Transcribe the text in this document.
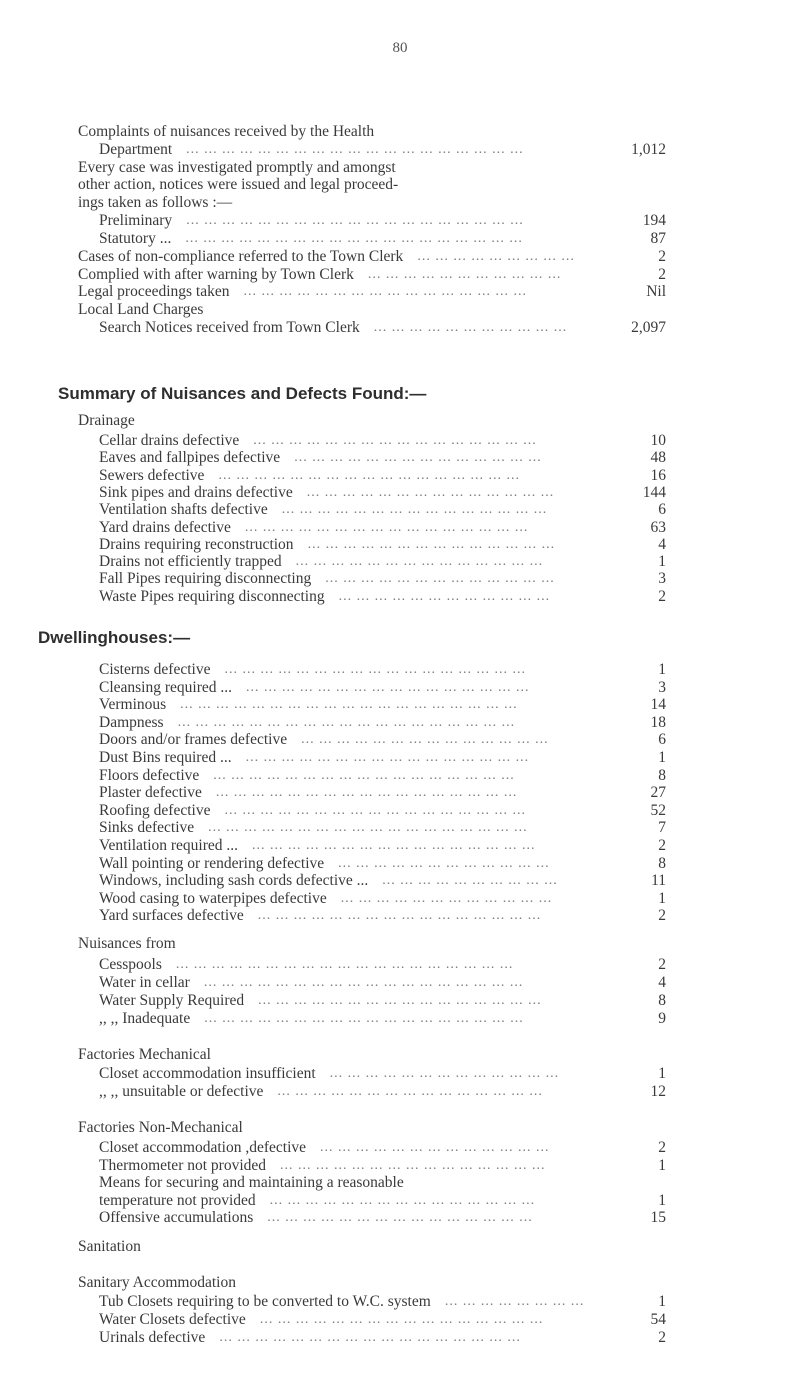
80
Complaints of nuisances received by the Health
Department	1,012
... ... ... ... ... ... ... ... ... ... ... ... ... ... ... ... ... ... ...
Every case was investigated promptly and amongst
other action, notices were issued and legal proceed-
ings taken as follows :—
Preliminary	194
... ... ... ... ... ... ... ... ... ... ... ... ... ... ... ... ... ... ...
Statutory ...	87
... ... ... ... ... ... ... ... ... ... ... ... ... ... ... ... ... ... ...
Cases of non-compliance referred to the Town Clerk	2
... ... ... ... ... ... ... ... ...
Complied with after warning by Town Clerk	2
... ... ... ... ... ... ... ... ... ... ...
Legal proceedings taken	Nil
... ... ... ... ... ... ... ... ... ... ... ... ... ... ... ...
Local Land Charges
Search Notices received from Town Clerk	2,097
... ... ... ... ... ... ... ... ... ... ...
Summary of Nuisances and Defects Found:—
Drainage
Cellar drains defective	10
... ... ... ... ... ... ... ... ... ... ... ... ... ... ... ...
Eaves and fallpipes defective	48
... ... ... ... ... ... ... ... ... ... ... ... ... ...
Sewers defective	16
... ... ... ... ... ... ... ... ... ... ... ... ... ... ... ... ...
Sink pipes and drains defective	144
... ... ... ... ... ... ... ... ... ... ... ... ... ...
Ventilation shafts defective	6
... ... ... ... ... ... ... ... ... ... ... ... ... ... ...
Yard drains defective	63
... ... ... ... ... ... ... ... ... ... ... ... ... ... ... ...
Drains requiring reconstruction	4
... ... ... ... ... ... ... ... ... ... ... ... ... ...
Drains not efficiently trapped	1
... ... ... ... ... ... ... ... ... ... ... ... ... ...
Fall Pipes requiring disconnecting	3
... ... ... ... ... ... ... ... ... ... ... ... ...
Waste Pipes requiring disconnecting	2
... ... ... ... ... ... ... ... ... ... ... ...
Dwellinghouses:—
Cisterns defective	1
... ... ... ... ... ... ... ... ... ... ... ... ... ... ... ... ...
Cleansing required ...	3
... ... ... ... ... ... ... ... ... ... ... ... ... ... ... ...
Verminous	14
... ... ... ... ... ... ... ... ... ... ... ... ... ... ... ... ... ... ...
Dampness	18
... ... ... ... ... ... ... ... ... ... ... ... ... ... ... ... ... ... ...
Doors and/or frames defective	6
... ... ... ... ... ... ... ... ... ... ... ... ... ...
Dust Bins required ...	1
... ... ... ... ... ... ... ... ... ... ... ... ... ... ... ...
Floors defective	8
... ... ... ... ... ... ... ... ... ... ... ... ... ... ... ... ...
Plaster defective	27
... ... ... ... ... ... ... ... ... ... ... ... ... ... ... ... ...
Roofing defective	52
... ... ... ... ... ... ... ... ... ... ... ... ... ... ... ... ...
Sinks defective	7
... ... ... ... ... ... ... ... ... ... ... ... ... ... ... ... ... ...
Ventilation required ...	2
... ... ... ... ... ... ... ... ... ... ... ... ... ... ... ...
Wall pointing or rendering defective	8
... ... ... ... ... ... ... ... ... ... ... ...
Windows, including sash cords defective ...	11
... ... ... ... ... ... ... ... ... ...
Wood casing to waterpipes defective	1
... ... ... ... ... ... ... ... ... ... ... ...
Yard surfaces defective	2
... ... ... ... ... ... ... ... ... ... ... ... ... ... ... ...
Nuisances from
Cesspools	2
... ... ... ... ... ... ... ... ... ... ... ... ... ... ... ... ... ... ...
Water in cellar	4
... ... ... ... ... ... ... ... ... ... ... ... ... ... ... ... ... ...
Water Supply Required	8
... ... ... ... ... ... ... ... ... ... ... ... ... ... ... ...
,, ,, Inadequate	9
... ... ... ... ... ... ... ... ... ... ... ... ... ... ... ... ... ...
Factories Mechanical
Closet accommodation insufficient	1
... ... ... ... ... ... ... ... ... ... ... ... ...
,, ,, unsuitable or defective	12
... ... ... ... ... ... ... ... ... ... ... ... ... ... ...
Factories Non-Mechanical
Closet accommodation ,defective	2
... ... ... ... ... ... ... ... ... ... ... ... ...
Thermometer not provided	1
... ... ... ... ... ... ... ... ... ... ... ... ... ... ...
Means for securing and maintaining a reasonable
temperature not provided	1
... ... ... ... ... ... ... ... ... ... ... ... ... ... ...
Offensive accumulations	15
... ... ... ... ... ... ... ... ... ... ... ... ... ... ...
Sanitation
Sanitary Accommodation
Tub Closets requiring to be converted to W.C. system	1
... ... ... ... ... ... ... ...
Water Closets defective	54
... ... ... ... ... ... ... ... ... ... ... ... ... ... ... ...
Urinals defective	2
... ... ... ... ... ... ... ... ... ... ... ... ... ... ... ... ...
